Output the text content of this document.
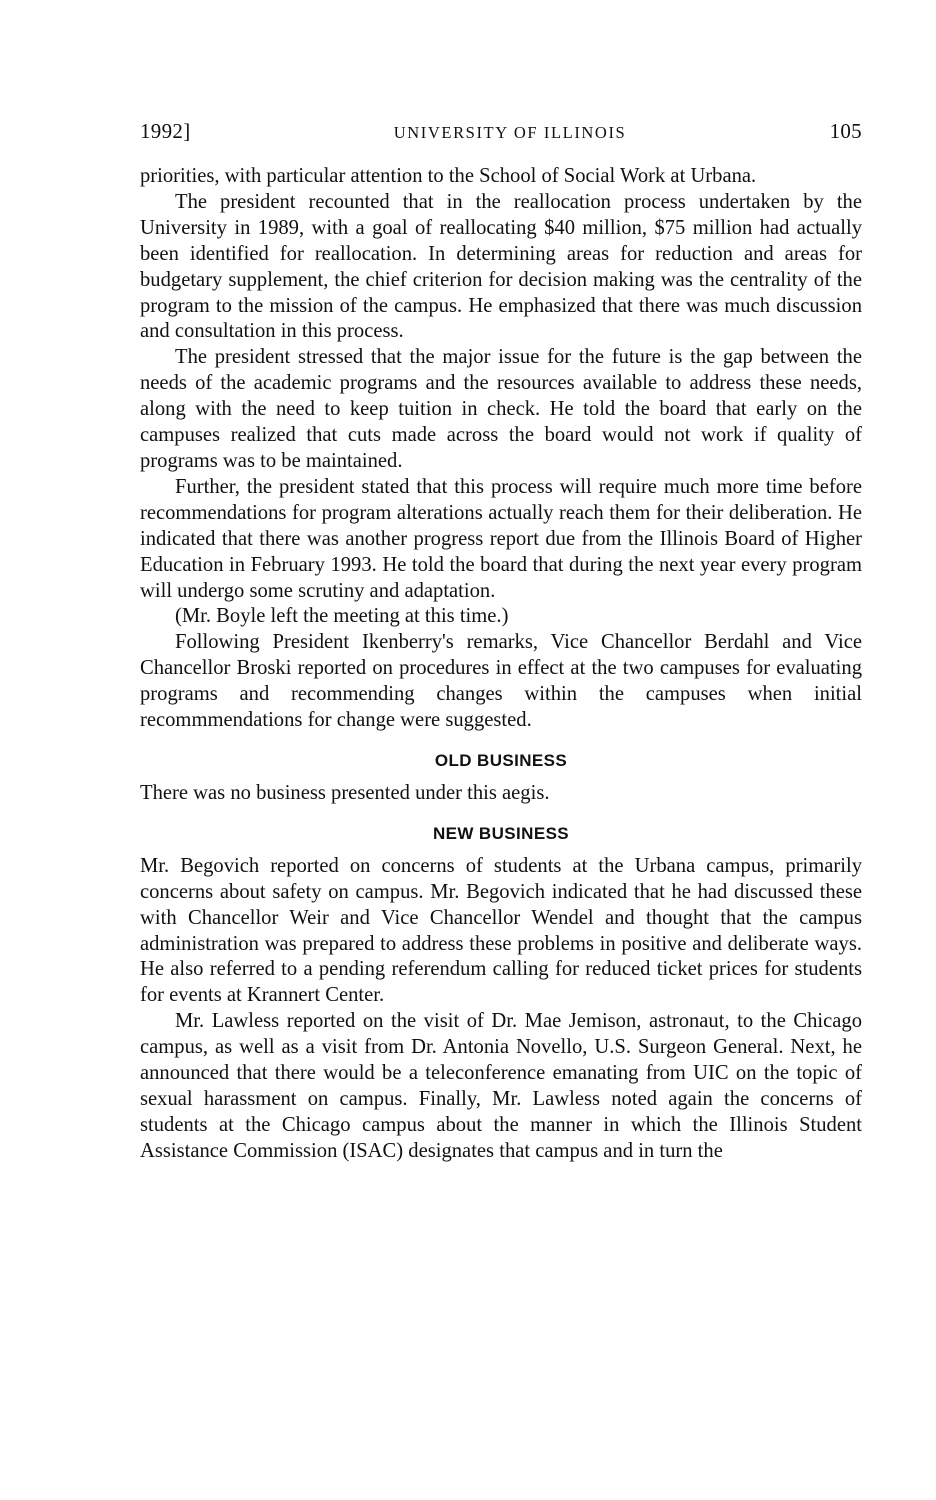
1992]	UNIVERSITY OF ILLINOIS	105

priorities, with particular attention to the School of Social Work at Urbana.

The president recounted that in the reallocation process undertaken by the University in 1989, with a goal of reallocating $40 million, $75 million had actually been identified for reallocation. In determining areas for reduction and areas for budgetary supplement, the chief criterion for decision making was the centrality of the program to the mission of the campus. He emphasized that there was much discussion and consultation in this process.

The president stressed that the major issue for the future is the gap between the needs of the academic programs and the resources available to address these needs, along with the need to keep tuition in check. He told the board that early on the campuses realized that cuts made across the board would not work if quality of programs was to be maintained.

Further, the president stated that this process will require much more time before recommendations for program alterations actually reach them for their deliberation. He indicated that there was another progress report due from the Illinois Board of Higher Education in February 1993. He told the board that during the next year every program will undergo some scrutiny and adaptation.

(Mr. Boyle left the meeting at this time.)

Following President Ikenberry's remarks, Vice Chancellor Berdahl and Vice Chancellor Broski reported on procedures in effect at the two campuses for evaluating programs and recommending changes within the campuses when initial recommmendations for change were suggested.

OLD BUSINESS

There was no business presented under this aegis.

NEW BUSINESS

Mr. Begovich reported on concerns of students at the Urbana campus, primarily concerns about safety on campus. Mr. Begovich indicated that he had discussed these with Chancellor Weir and Vice Chancellor Wendel and thought that the campus administration was prepared to address these problems in positive and deliberate ways. He also referred to a pending referendum calling for reduced ticket prices for students for events at Krannert Center.

Mr. Lawless reported on the visit of Dr. Mae Jemison, astronaut, to the Chicago campus, as well as a visit from Dr. Antonia Novello, U.S. Surgeon General. Next, he announced that there would be a teleconference emanating from UIC on the topic of sexual harassment on campus. Finally, Mr. Lawless noted again the concerns of students at the Chicago campus about the manner in which the Illinois Student Assistance Commission (ISAC) designates that campus and in turn the
